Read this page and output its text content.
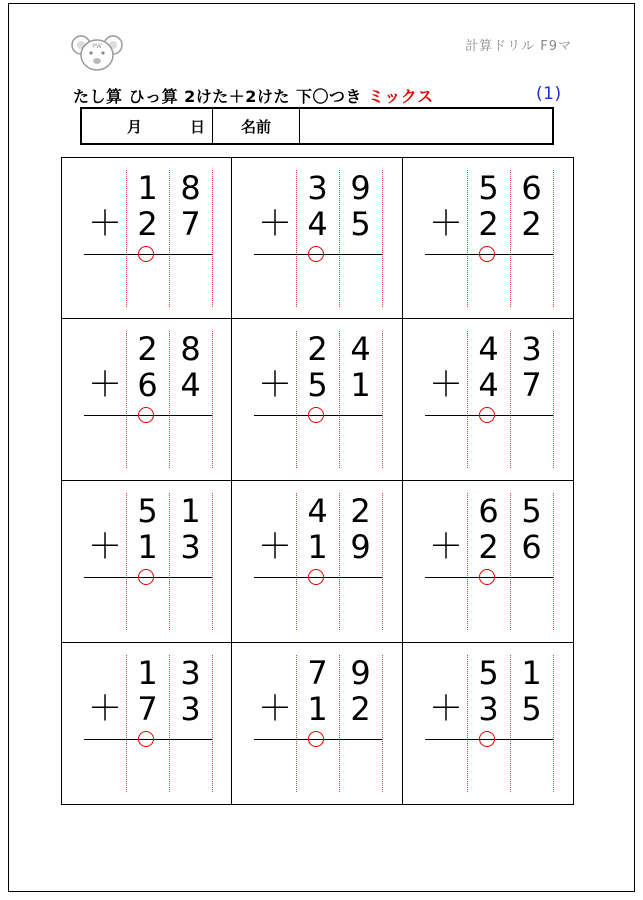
PW	計算ドリル F9マ
たし算 ひっ算 2けた＋2けた 下〇つき ミックス	(1)
月	日	名前
1 8
＋ 2 7
3 9
＋ 4 5
5 6
＋ 2 2
2 8
＋ 6 4
2 4
＋ 5 1
4 3
＋ 4 7
5 1
＋ 1 3
4 2
＋ 1 9
6 5
＋ 2 6
1 3
＋ 7 3
7 9
＋ 1 2
5 1
＋ 3 5
